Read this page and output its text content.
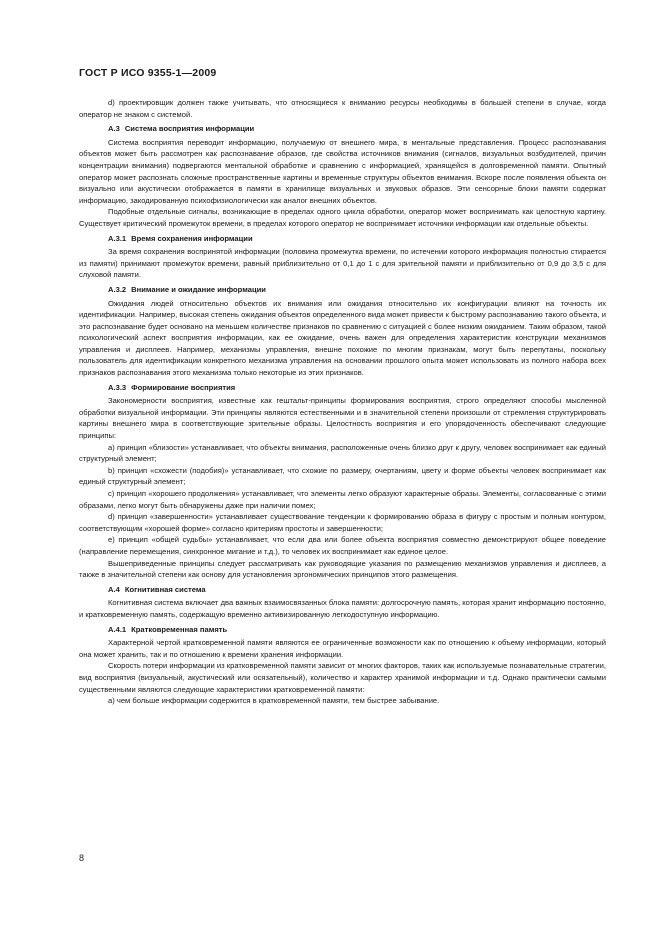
ГОСТ Р ИСО 9355-1—2009

d) проектировщик должен также учитывать, что относящиеся к вниманию ресурсы необходимы в большей степени в случае, когда оператор не знаком с системой.

А.3 Система восприятия информации

Система восприятия переводит информацию, получаемую от внешнего мира, в ментальные представления. Процесс распознавания объектов может быть рассмотрен как распознавание образов, где свойства источников внимания (сигналов, визуальных возбудителей, причин концентрации внимания) подвергаются ментальной обработке и сравнению с информацией, хранящейся в долговременной памяти. Опытный оператор может распознать сложные пространственные картины и временные структуры объектов внимания. Вскоре после появления объекта он визуально или акустически отображается в памяти в хранилище визуальных и звуковых образов. Эти сенсорные блоки памяти содержат информацию, закодированную психофизиологически как аналог внешних объектов.

Подобные отдельные сигналы, возникающие в пределах одного цикла обработки, оператор может воспринимать как целостную картину. Существует критический промежуток времени, в пределах которого оператор не воспринимает источники информации как отдельные объекты.

А.3.1 Время сохранения информации

За время сохранения воспринятой информации (половина промежутка времени, по истечении которого информация полностью стирается из памяти) принимают промежуток времени, равный приблизительно от 0,1 до 1 с для зрительной памяти и приблизительно от 0,9 до 3,5 с для слуховой памяти.

А.3.2 Внимание и ожидание информации

Ожидания людей относительно объектов их внимания или ожидания относительно их конфигурации влияют на точность их идентификации. Например, высокая степень ожидания объектов определенного вида может привести к быстрому распознаванию такого объекта, и это распознавание будет основано на меньшем количестве признаков по сравнению с ситуацией с более низким ожиданием. Таким образом, такой психологический аспект восприятия информации, как ее ожидание, очень важен для определения характеристик конструкции механизмов управления и дисплеев. Например, механизмы управления, внешне похожие по многим признакам, могут быть перепутаны, поскольку пользователь для идентификации конкретного механизма управления на основании прошлого опыта может использовать из полного набора всех признаков распознавания этого механизма только некоторые из этих признаков.

А.3.3 Формирование восприятия

Закономерности восприятия, известные как гештальт-принципы формирования восприятия, строго определяют способы мысленной обработки визуальной информации. Эти принципы являются естественными и в значительной степени произошли от стремления структурировать картины внешнего мира в соответствующие зрительные образы. Целостность восприятия и его упорядоченность обеспечивают следующие принципы:

a) принцип «близости» устанавливает, что объекты внимания, расположенные очень близко друг к другу, человек воспринимает как единый структурный элемент;

b) принцип «схожести (подобия)» устанавливает, что схожие по размеру, очертаниям, цвету и форме объекты человек воспринимает как единый структурный элемент;

c) принцип «хорошего продолжения» устанавливает, что элементы легко образуют характерные образы. Элементы, согласованные с этими образами, легко могут быть обнаружены даже при наличии помех;

d) принцип «завершенности» устанавливает существование тенденции к формированию образа в фигуру с простым и полным контуром, соответствующим «хорошей форме» согласно критериям простоты и завершенности;

e) принцип «общей судьбы» устанавливает, что если два или более объекта восприятия совместно демонстрируют общее поведение (направление перемещения, синхронное мигание и т.д.), то человек их воспринимает как единое целое.

Вышеприведенные принципы следует рассматривать как руководящие указания по размещению механизмов управления и дисплеев, а также в значительной степени как основу для установления эргономических принципов этого размещения.

А.4 Когнитивная система

Когнитивная система включает два важных взаимосвязанных блока памяти: долгосрочную память, которая хранит информацию постоянно, и кратковременную память, содержащую временно активизированную легкодоступную информацию.

А.4.1 Кратковременная память

Характерной чертой кратковременной памяти являются ее ограниченные возможности как по отношению к объему информации, который она может хранить, так и по отношению к времени хранения информации.

Скорость потери информации из кратковременной памяти зависит от многих факторов, таких как используемые познавательные стратегии, вид восприятия (визуальный, акустический или осязательный), количество и характер хранимой информации и т.д. Однако практически самыми существенными являются следующие характеристики кратковременной памяти:

a) чем больше информации содержится в кратковременной памяти, тем быстрее забывание.

8
